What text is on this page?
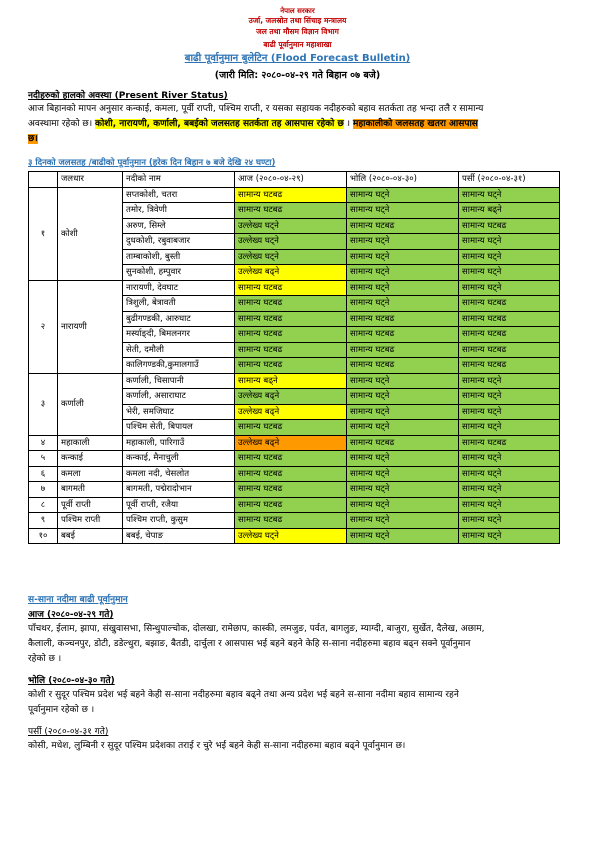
नेपाल सरकार
उर्जा, जलस्रोत तथा सिंचाइ मन्त्रालय
जल तथा मौसम विज्ञान विभाग
बाढी पूर्वानुमान महाशाखा
बाढी पूर्वानुमान बुलेटिन (Flood Forecast Bulletin)
(जारी मिति: २०८०-०४-२९ गते बिहान ०७ बजे)
नदीहरुको हालको अवस्था (Present River Status)
आज बिहानको मापन अनुसार कन्काई, कमला, पूर्वी राप्ती, पश्चिम राप्ती, र यसका सहायक नदीहरुको बहाव सतर्कता तह भन्दा तलै र सामान्य
अवस्थामा रहेको छ। कोशी, नारायणी, कर्णाली, बबईको जलसतह सतर्कता तह आसपास रहेको छ । महाकालीको जलसतह खतरा आसपास
छ।
३ दिनको जलसतह /बाढीको पूर्वानुमान (हरेक दिन बिहान ७ बजे देखि २४ घण्टा)
	जलधार	नदीको नाम	आज (२०८०-०४-२९)	भोलि (२०८०-०४-३०)	पर्सी (२०८०-०४-३१)
१	कोशी	सप्तकोशी, चतरा	सामान्य घटबढ	सामान्य घट्ने	सामान्य घट्ने
		तमोर, त्रिवेणी	सामान्य घटबढ	सामान्य घट्ने	सामान्य बढ्ने
		अरुण, सिम्ले	उल्लेख्य घट्ने	सामान्य घटबढ	सामान्य घटबढ
		दुधकोशी, रबुवाबजार	उल्लेख्य घट्ने	सामान्य घट्ने	सामान्य घट्ने
		ताम्बाकोशी, बुस्ती	उल्लेख्य घट्ने	सामान्य घट्ने	सामान्य घट्ने
		सुनकोशी, हम्पुवार	उल्लेख्य बढ्ने	सामान्य घट्ने	सामान्य घट्ने
२	नारायणी	नारायणी, देवघाट	सामान्य घटबढ	सामान्य घट्ने	सामान्य घट्ने
		त्रिशुली, बेत्रावती	सामान्य घटबढ	सामान्य घट्ने	सामान्य घटबढ
		बुढीगण्डकी, आरुघाट	सामान्य घटबढ	सामान्य घटबढ	सामान्य घटबढ
		मर्स्याङ्दी, बिमलनगर	सामान्य घटबढ	सामान्य घटबढ	सामान्य घटबढ
		सेती, दमौली	सामान्य घटबढ	सामान्य घटबढ	सामान्य घटबढ
		कालिगण्डकी,कुमालगाउँ	सामान्य घटबढ	सामान्य घटबढ	सामान्य घटबढ
३	कर्णाली	कर्णाली, चिसापानी	सामान्य बढ्ने	सामान्य घट्ने	सामान्य घट्ने
		कर्णाली, असाराघाट	उल्लेख्य बढ्ने	सामान्य घट्ने	सामान्य घट्ने
		भेरी, समजिघाट	उल्लेख्य बढ्ने	सामान्य घट्ने	सामान्य घट्ने
		पश्चिम सेती, बिपायल	सामान्य घटबढ	सामान्य घट्ने	सामान्य घट्ने
४	महाकाली	महाकाली, पारिगाउँ	उल्लेख्य बढ्ने	सामान्य घटबढ	सामान्य घटबढ
५	कन्काई	कन्काई, मैनाचुली	सामान्य घटबढ	सामान्य घट्ने	सामान्य घट्ने
६	कमला	कमला नदी, चेसलोत	सामान्य घटबढ	सामान्य घट्ने	सामान्य घट्ने
७	बागमती	बागमती, पद्मेरादोभान	सामान्य घटबढ	सामान्य घट्ने	सामान्य घट्ने
८	पूर्वी राप्ती	पूर्वी राप्ती, रजैया	सामान्य घटबढ	सामान्य घट्ने	सामान्य घट्ने
९	पश्चिम राप्ती	पश्चिम राप्ती, कुसुम	सामान्य घटबढ	सामान्य घट्ने	सामान्य घट्ने
१०	बबई	बबई, चेपाङ	उल्लेख्य घट्ने	सामान्य घट्ने	सामान्य घट्ने
स-साना नदीमा बाढी पूर्वानुमान
आज (२०८०-०४-२९ गते)
पाँचथर, ईलाम, झापा, संखुवासभा, सिन्धुपाल्चोक, दोलखा, रामेछाप, कास्की, लमजुङ, पर्वत, बागलुङ, म्याग्दी, बाजुरा, सुर्खेत, दैलेख, अछाम,
कैलाली, कञ्चनपुर, डोटी, डडेल्धुरा, बझाङ, बैतडी, दार्चुला र आसपास भई बहने बहने केहि स-साना नदीहरुमा बहाव बढ्न सक्ने पूर्वानुमान
रहेको छ ।
भोलि (२०८०-०४-३० गते)
कोशी र सुदूर पश्चिम प्रदेश भई बहने केही स-साना नदीहरुमा बहाव बढ्ने तथा अन्य प्रदेश भई बहने स-साना नदीमा बहाव सामान्य रहने
पूर्वानुमान रहेको छ ।
पर्सी (२०८०-०४-३१ गते)
कोसी, मधेश, लुम्बिनी र सुदूर पश्चिम प्रदेशका तराई र चुरे भई बहने केही स-साना नदीहरुमा बहाव बढ्ने पूर्वानुमान छ।
